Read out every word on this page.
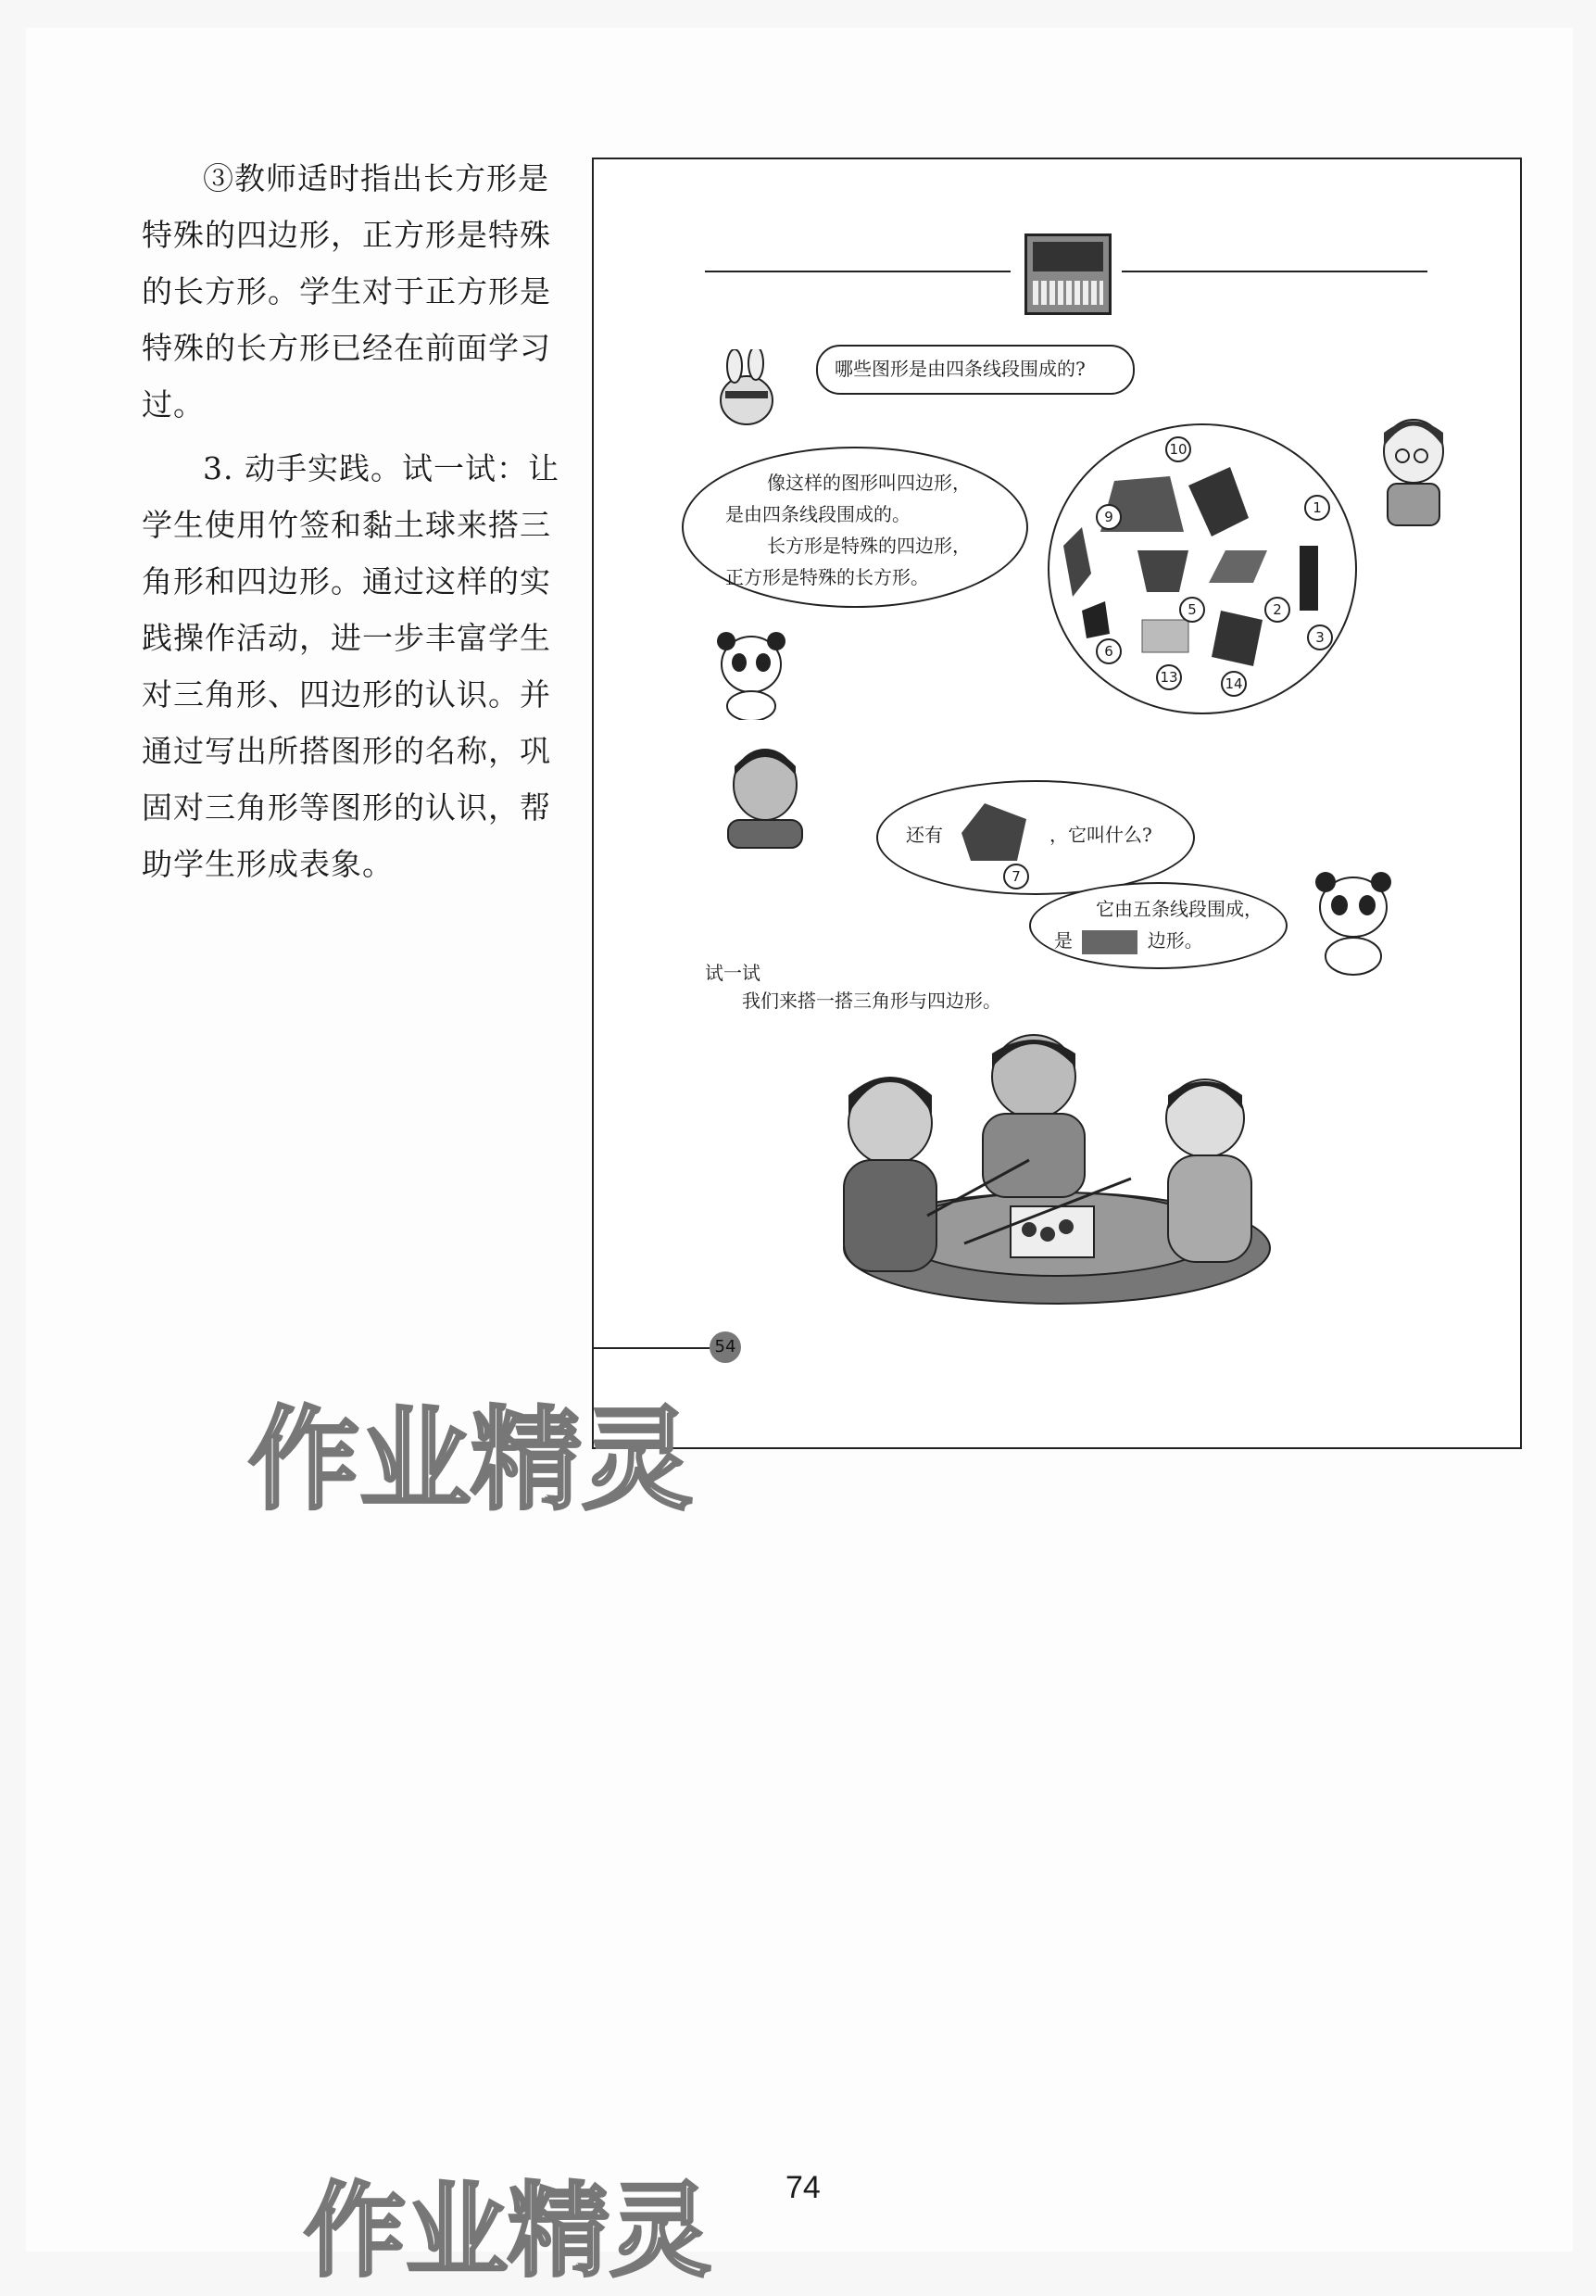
③教师适时指出长方形是特殊的四边形，正方形是特殊的长方形。学生对于正方形是特殊的长方形已经在前面学习过。

3. 动手实践。试一试：让学生使用竹签和黏土球来搭三角形和四边形。通过这样的实践操作活动，进一步丰富学生对三角形、四边形的认识。并通过写出所搭图形的名称，巩固对三角形等图形的认识，帮助学生形成表象。

哪些图形是由四条线段围成的?
像这样的图形叫四边形，
是由四条线段围成的。
长方形是特殊的四边形，
正方形是特殊的长方形。
10
9
1
5	2
6
3
13	14
还有	，它叫什么?
7
它由五条线段围成，
是	边形。
试一试
我们来搭一搭三角形与四边形。
54
作业精灵
作业精灵 74
